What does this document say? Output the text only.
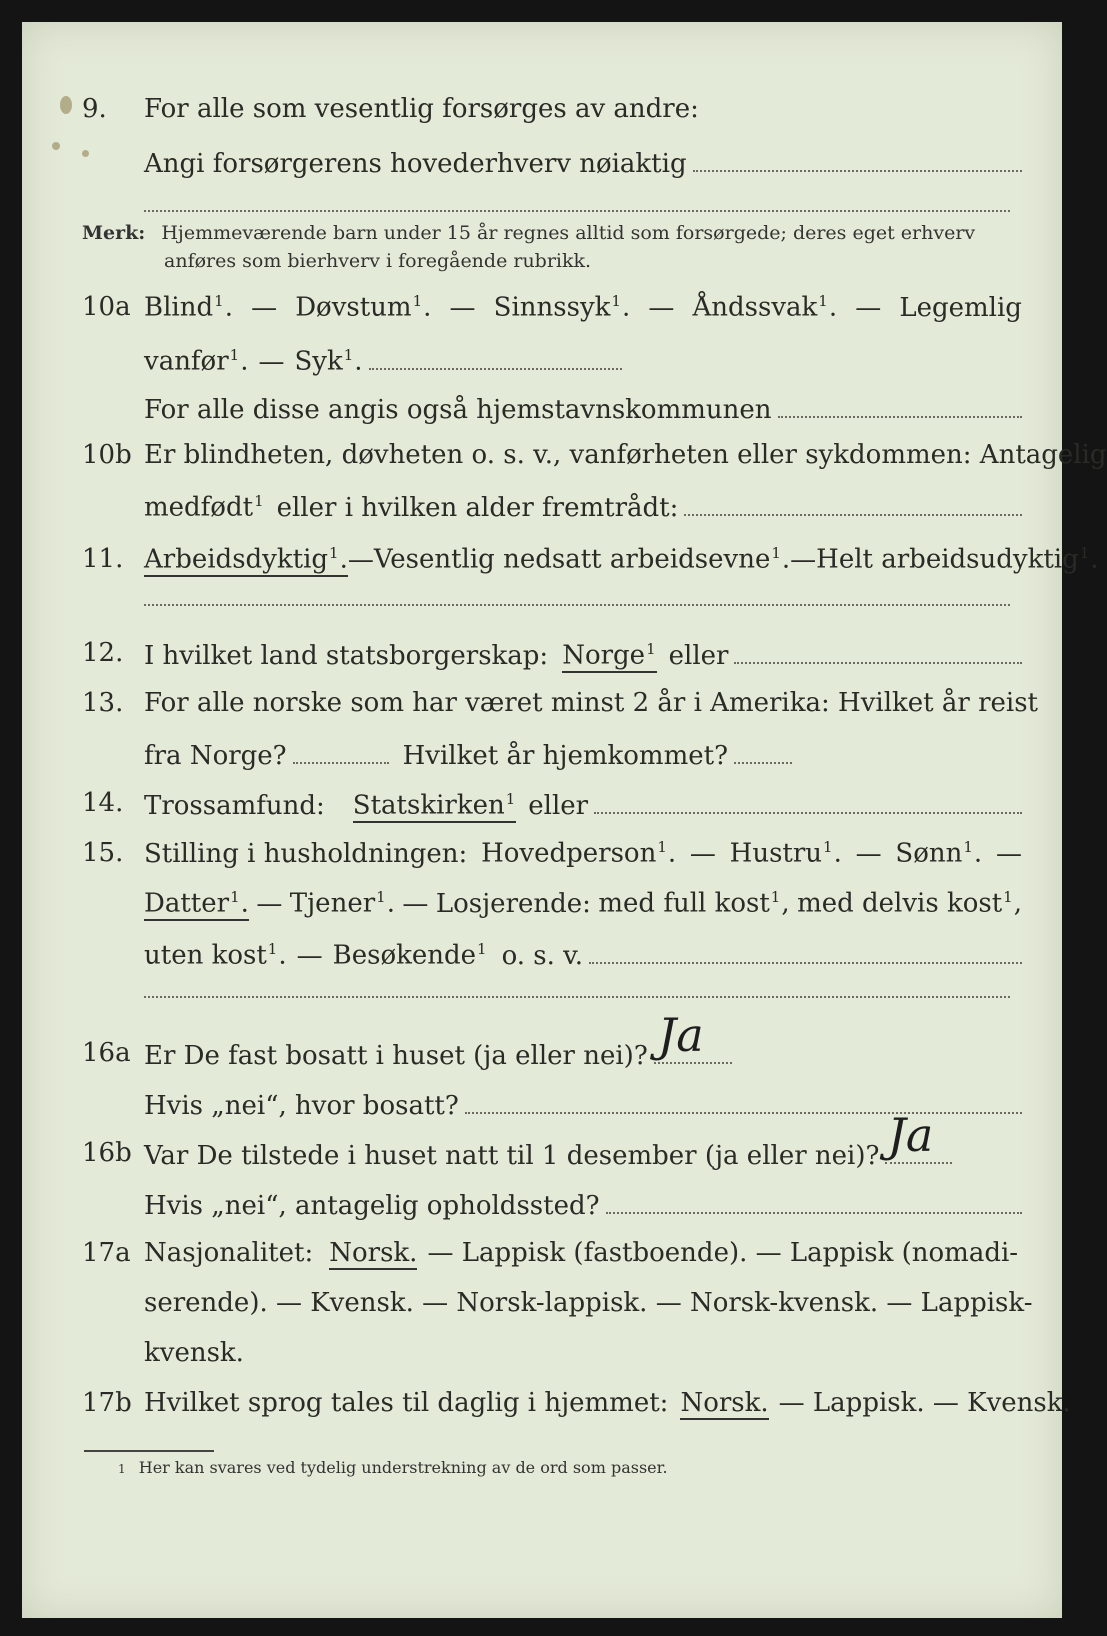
9. For alle som vesentlig forsørges av andre:
Angi forsørgerens hovederhverv nøiaktig
Merk: Hjemmeværende barn under 15 år regnes alltid som forsørgede; deres eget erhverv
anføres som bierhverv i foregående rubrikk.
10a Blind$^1$. — Døvstum$^1$. — Sinnssyk$^1$. — Åndssvak$^1$. — Legemlig
vanfør$^1$. — Syk$^1$.
For alle disse angis også hjemstavnskommunen
10b Er blindheten, døvheten o. s. v., vanførheten eller sykdommen: Antagelig
medfødt$^1$ eller i hvilken alder fremtrådt:
11. Arbeidsdyktig$^1$. — Vesentlig nedsatt arbeidsevne$^1$. — Helt arbeidsudyktig$^1$.
12. I hvilket land statsborgerskap: Norge$^1$ eller
13. For alle norske som har været minst 2 år i Amerika: Hvilket år reist
fra Norge?	Hvilket år hjemkommet?
14. Trossamfund: Statskirken$^1$ eller
15. Stilling i husholdningen: Hovedperson$^1$. — Hustru$^1$. — Sønn$^1$. —
Datter$^1$. — Tjener$^1$. — Losjerende: med full kost$^1$, med delvis kost$^1$,
uten kost$^1$. — Besøkende$^1$ o. s. v.
16a Er De fast bosatt i huset (ja eller nei)? Ja
Hvis „nei“, hvor bosatt?
16b Var De tilstede i huset natt til 1 desember (ja eller nei)? Ja
Hvis „nei“, antagelig opholdssted?
17a Nasjonalitet: Norsk. — Lappisk (fastboende). — Lappisk (nomadi-
serende). — Kvensk. — Norsk-lappisk. — Norsk-kvensk. — Lappisk-
kvensk.
17b Hvilket sprog tales til daglig i hjemmet: Norsk. — Lappisk. — Kvensk.
1 Her kan svares ved tydelig understrekning av de ord som passer.
